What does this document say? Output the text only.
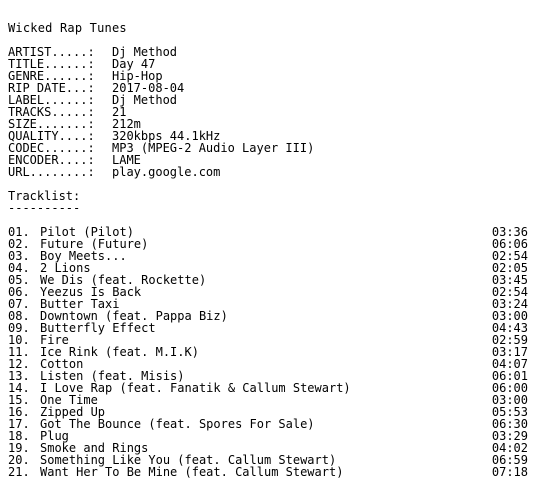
Wicked Rap Tunes
ARTIST.....:	Dj Method
TITLE......:	Day 47
GENRE......:	Hip-Hop
RIP DATE...:	2017-08-04
LABEL......:	Dj Method
TRACKS.....:	21
SIZE.......:	212m
QUALITY....:	320kbps 44.1kHz
CODEC......:	MP3 (MPEG-2 Audio Layer III)
ENCODER....:	LAME
URL........:	play.google.com
Tracklist:
----------
01. Pilot (Pilot)	03:36
02. Future (Future)	06:06
03. Boy Meets...	02:54
04. 2 Lions	02:05
05. We Dis (feat. Rockette)	03:45
06. Yeezus Is Back	02:54
07. Butter Taxi	03:24
08. Downtown (feat. Pappa Biz)	03:00
09. Butterfly Effect	04:43
10. Fire	02:59
11. Ice Rink (feat. M.I.K)	03:17
12. Cotton	04:07
13. Listen (feat. Misis)	06:01
14. I Love Rap (feat. Fanatik & Callum Stewart)	06:00
15. One Time	03:00
16. Zipped Up	05:53
17. Got The Bounce (feat. Spores For Sale)	06:30
18. Plug	03:29
19. Smoke and Rings	04:02
20. Something Like You (feat. Callum Stewart)	06:59
21. Want Her To Be Mine (feat. Callum Stewart)	07:18
